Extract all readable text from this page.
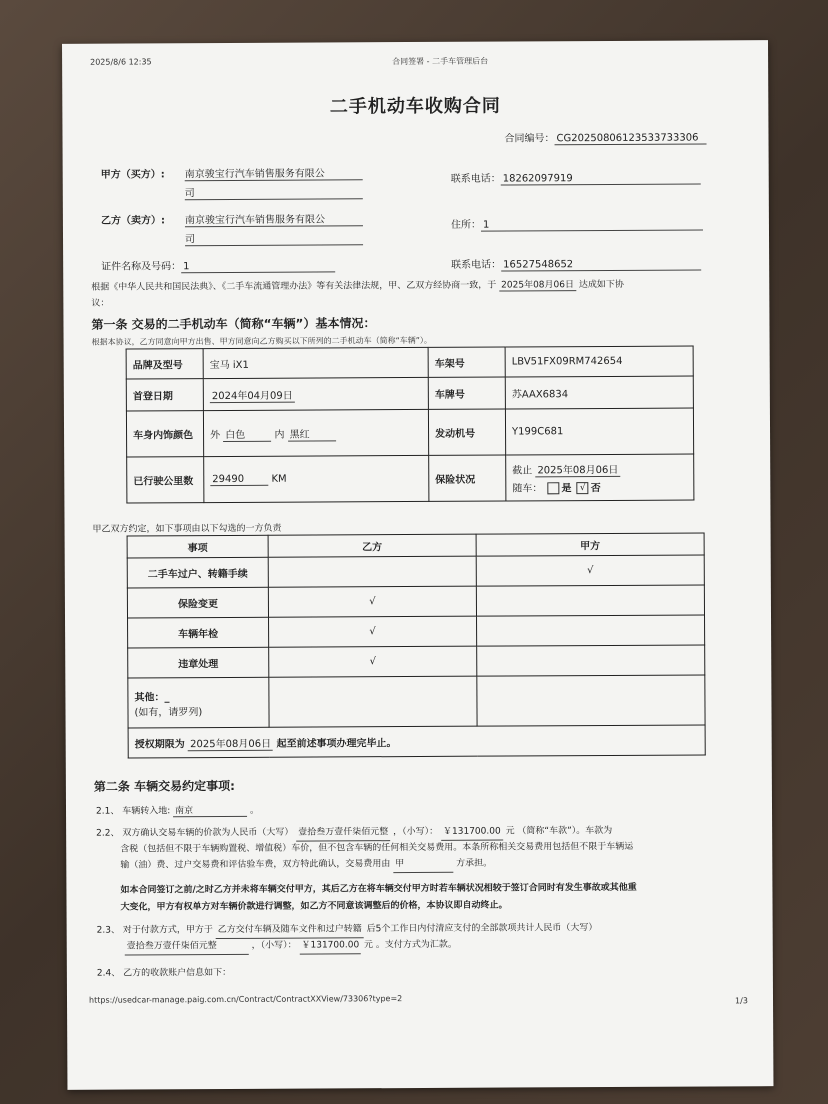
2025/8/6 12:35	合同签署 - 二手车管理后台
二手机动车收购合同
合同编号： CG20250806123533733306
甲方（买方）: 南京骏宝行汽车销售服务有限公
司
联系电话： 18262097919
乙方（卖方）: 南京骏宝行汽车销售服务有限公
司
住所： 1
证件名称及号码： 1	联系电话： 16527548652
根据《中华人民共和国民法典》、《二手车流通管理办法》等有关法律法规，甲、乙双方经协商一致，于 2025年08月06日 达成如下协
议：
第一条 交易的二手机动车（简称“车辆”）基本情况：
根据本协议，乙方同意向甲方出售、甲方同意向乙方购买以下所列的二手机动车（简称“车辆”）。
品牌及型号	宝马 iX1	车架号	LBV51FX09RM742654
首登日期	2024年04月09日	车牌号	苏AAX6834
车身内饰颜色	外 白色 内 黑红	发动机号	Y199C681
已行驶公里数	29490 KM	保险状况	截止 2025年08月06日
随车： 是 √ 否
甲乙双方约定，如下事项由以下勾选的一方负责
事项	乙方	甲方
二手车过户、转籍手续		√
保险变更	√	
车辆年检	√	
违章处理	√	

其他：_
(如有，请罗列)		

授权期限为 2025年08月06日 起至前述事项办理完毕止。		
第二条 车辆交易约定事项:
2.1、 车辆转入地: 南京	。
2.2、 双方确认交易车辆的价款为人民币（大写） 壹拾叁万壹仟柒佰元整 ，（小写）： ￥131700.00 元 （简称“车款”）。车款为
含税（包括但不限于车辆购置税、增值税）车价，但不包含车辆的任何相关交易费用。本条所称相关交易费用包括但不限于车辆运
输（油）费、过户交易费和评估验车费，双方特此确认，交易费用由 甲	方承担。
如本合同签订之前/之时乙方并未将车辆交付甲方，其后乙方在将车辆交付甲方时若车辆状况相较于签订合同时有发生事故或其他重
大变化，甲方有权单方对车辆价款进行调整，如乙方不同意该调整后的价格，本协议即自动终止。
2.3、 对于付款方式，甲方于 乙方交付车辆及随车文件和过户转籍 后5个工作日内付清应支付的全部款项共计人民币（大写）
壹拾叁万壹仟柒佰元整	，（小写）： ￥131700.00 元 。支付方式为汇款。
2.4、 乙方的收款账户信息如下：
https://usedcar-manage.paig.com.cn/Contract/ContractXXView/73306?type=2	1/3
